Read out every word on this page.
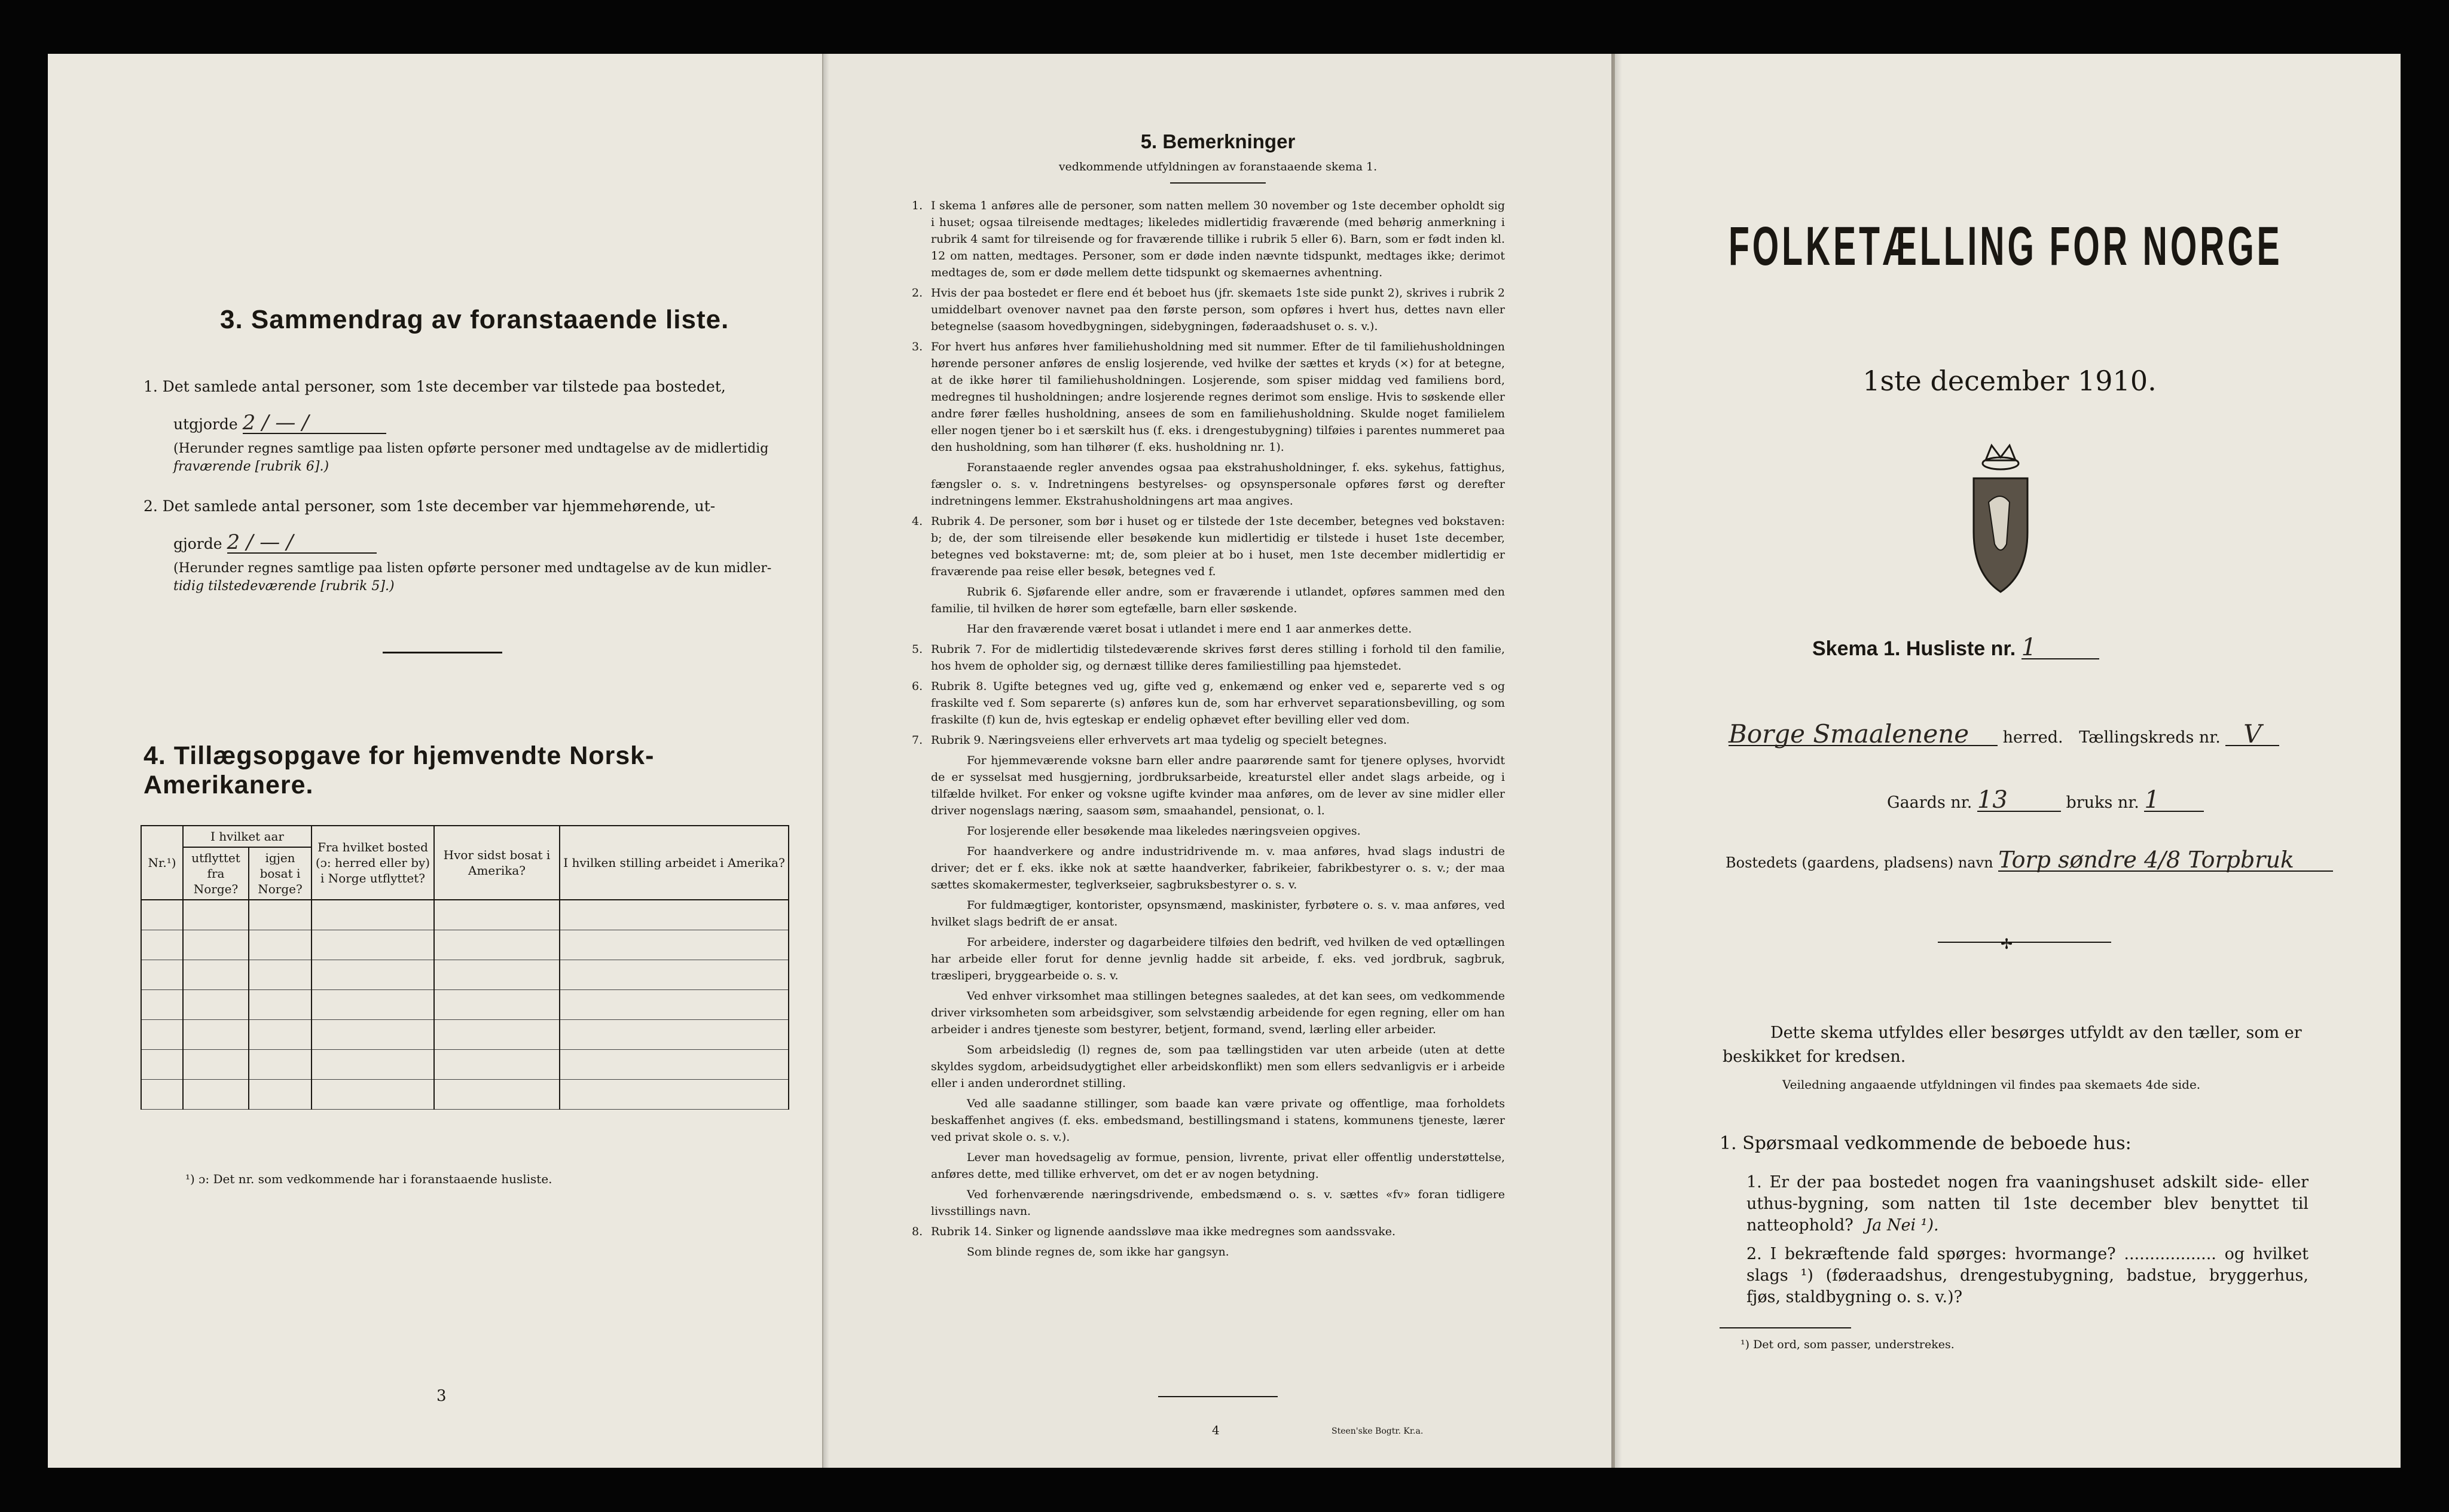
3. Sammendrag av foranstaaende liste.
1. Det samlede antal personer, som 1ste december var tilstede paa bostedet,
utgjorde 2 / — /
(Herunder regnes samtlige paa listen opførte personer med undtagelse av de midlertidig
fraværende [rubrik 6].)
2. Det samlede antal personer, som 1ste december var hjemmehørende, ut-
gjorde 2 / — /
(Herunder regnes samtlige paa listen opførte personer med undtagelse av de kun midler-
tidig tilstedeværende [rubrik 5].)
4. Tillægsopgave for hjemvendte Norsk-Amerikanere.
Nr.¹)	I hvilket aar		Fra hvilket bosted (ɔ: herred eller by) i Norge utflyttet?	Hvor sidst bosat i Amerika?	I hvilken stilling arbeidet i Amerika?
	utflyttet fra Norge?	igjen bosat i Norge?			

¹) ɔ: Det nr. som vedkommende har i foranstaaende husliste.
3
5. Bemerkninger
vedkommende utfyldningen av foranstaaende skema 1.

1. I skema 1 anføres alle de personer, som natten mellem 30 november og 1ste december opholdt sig i huset; ogsaa tilreisende medtages; likeledes midlertidig fraværende (med behørig anmerkning i rubrik 4 samt for tilreisende og for fraværende tillike i rubrik 5 eller 6). Barn, som er født inden kl. 12 om natten, medtages. Personer, som er døde inden nævnte tidspunkt, medtages ikke; derimot medtages de, som er døde mellem dette tidspunkt og skemaernes avhentning.

2. Hvis der paa bostedet er flere end ét beboet hus (jfr. skemaets 1ste side punkt 2), skrives i rubrik 2 umiddelbart ovenover navnet paa den første person, som opføres i hvert hus, dettes navn eller betegnelse (saasom hovedbygningen, sidebygningen, føderaadshuset o. s. v.).

3. For hvert hus anføres hver familiehusholdning med sit nummer. Efter de til familiehusholdningen hørende personer anføres de enslig losjerende, ved hvilke der sættes et kryds (×) for at betegne, at de ikke hører til familiehusholdningen. Losjerende, som spiser middag ved familiens bord, medregnes til husholdningen; andre losjerende regnes derimot som enslige. Hvis to søskende eller andre fører fælles husholdning, ansees de som en familiehusholdning. Skulde noget familielem eller nogen tjener bo i et særskilt hus (f. eks. i drengestubygning) tilføies i parentes nummeret paa den husholdning, som han tilhører (f. eks. husholdning nr. 1).

Foranstaaende regler anvendes ogsaa paa ekstrahusholdninger, f. eks. sykehus, fattighus, fængsler o. s. v. Indretningens bestyrelses- og opsynspersonale opføres først og derefter indretningens lemmer. Ekstrahusholdningens art maa angives.

4. Rubrik 4. De personer, som bør i huset og er tilstede der 1ste december, betegnes ved bokstaven: b; de, der som tilreisende eller besøkende kun midlertidig er tilstede i huset 1ste december, betegnes ved bokstaverne: mt; de, som pleier at bo i huset, men 1ste december midlertidig er fraværende paa reise eller besøk, betegnes ved f.

Rubrik 6. Sjøfarende eller andre, som er fraværende i utlandet, opføres sammen med den familie, til hvilken de hører som egtefælle, barn eller søskende.

Har den fraværende været bosat i utlandet i mere end 1 aar anmerkes dette.

5. Rubrik 7. For de midlertidig tilstedeværende skrives først deres stilling i forhold til den familie, hos hvem de opholder sig, og dernæst tillike deres familiestilling paa hjemstedet.

6. Rubrik 8. Ugifte betegnes ved ug, gifte ved g, enkemænd og enker ved e, separerte ved s og fraskilte ved f. Som separerte (s) anføres kun de, som har erhvervet separationsbevilling, og som fraskilte (f) kun de, hvis egteskap er endelig ophævet efter bevilling eller ved dom.

7. Rubrik 9. Næringsveiens eller erhvervets art maa tydelig og specielt betegnes.

For hjemmeværende voksne barn eller andre paarørende samt for tjenere oplyses, hvorvidt de er sysselsat med husgjerning, jordbruksarbeide, kreaturstel eller andet slags arbeide, og i tilfælde hvilket. For enker og voksne ugifte kvinder maa anføres, om de lever av sine midler eller driver nogenslags næring, saasom søm, smaahandel, pensionat, o. l.

For losjerende eller besøkende maa likeledes næringsveien opgives.

For haandverkere og andre industridrivende m. v. maa anføres, hvad slags industri de driver; det er f. eks. ikke nok at sætte haandverker, fabrikeier, fabrikbestyrer o. s. v.; der maa sættes skomakermester, teglverkseier, sagbruksbestyrer o. s. v.

For fuldmægtiger, kontorister, opsynsmænd, maskinister, fyrbøtere o. s. v. maa anføres, ved hvilket slags bedrift de er ansat.

For arbeidere, inderster og dagarbeidere tilføies den bedrift, ved hvilken de ved optællingen har arbeide eller forut for denne jevnlig hadde sit arbeide, f. eks. ved jordbruk, sagbruk, træsliperi, bryggearbeide o. s. v.

Ved enhver virksomhet maa stillingen betegnes saaledes, at det kan sees, om vedkommende driver virksomheten som arbeidsgiver, som selvstændig arbeidende for egen regning, eller om han arbeider i andres tjeneste som bestyrer, betjent, formand, svend, lærling eller arbeider.

Som arbeidsledig (l) regnes de, som paa tællingstiden var uten arbeide (uten at dette skyldes sygdom, arbeidsudygtighet eller arbeidskonflikt) men som ellers sedvanligvis er i arbeide eller i anden underordnet stilling.

Ved alle saadanne stillinger, som baade kan være private og offentlige, maa forholdets beskaffenhet angives (f. eks. embedsmand, bestillingsmand i statens, kommunens tjeneste, lærer ved privat skole o. s. v.).

Lever man hovedsagelig av formue, pension, livrente, privat eller offentlig understøttelse, anføres dette, med tillike erhvervet, om det er av nogen betydning.

Ved forhenværende næringsdrivende, embedsmænd o. s. v. sættes «fv» foran tidligere livsstillings navn.

8. Rubrik 14. Sinker og lignende aandssløve maa ikke medregnes som aandssvake.

Som blinde regnes de, som ikke har gangsyn.

4	Steen'ske Bogtr. Kr.a.
FOLKETÆLLING FOR NORGE
1ste december 1910.
Skema 1. Husliste nr. 1
Borge Smaalenene herred. Tællingskreds nr. V
Gaards nr. 13	bruks nr. 1
Bostedets (gaardens, pladsens) navn Torp søndre 4/8 Torpbruk
✢
Dette skema utfyldes eller besørges utfyldt av den tæller, som er
beskikket for kredsen.
Veiledning angaaende utfyldningen vil findes paa skemaets 4de side.
1. Spørsmaal vedkommende de beboede hus:
1. Er der paa bostedet nogen fra vaaningshuset adskilt side- eller uthus-bygning, som natten til 1ste december blev benyttet til natteophold? Ja Nei ¹).
2. I bekræftende fald spørges: hvormange? .................. og hvilket slags ¹) (føderaadshus, drengestubygning, badstue, bryggerhus, fjøs, staldbygning o. s. v.)?
¹) Det ord, som passer, understrekes.
